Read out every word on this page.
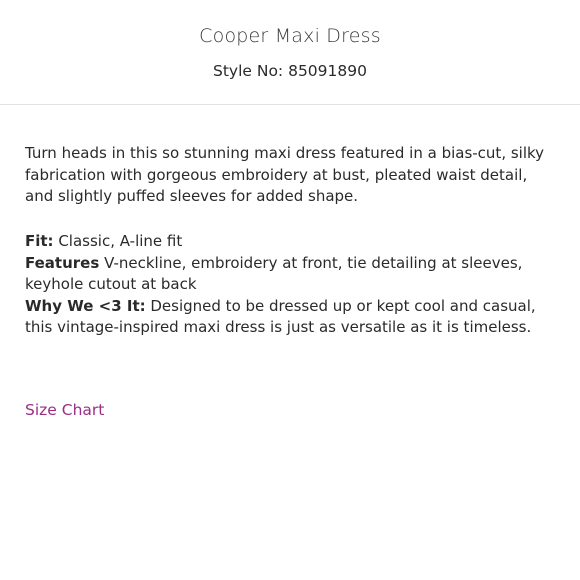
Cooper Maxi Dress

Style No: 85091890

Turn heads in this so stunning maxi dress featured in a bias-cut, silky fabrication with gorgeous embroidery at bust, pleated waist detail, and slightly puffed sleeves for added shape.

Fit: Classic, A-line fit
Features V-neckline, embroidery at front, tie detailing at sleeves, keyhole cutout at back
Why We <3 It: Designed to be dressed up or kept cool and casual, this vintage-inspired maxi dress is just as versatile as it is timeless.
Size Chart
